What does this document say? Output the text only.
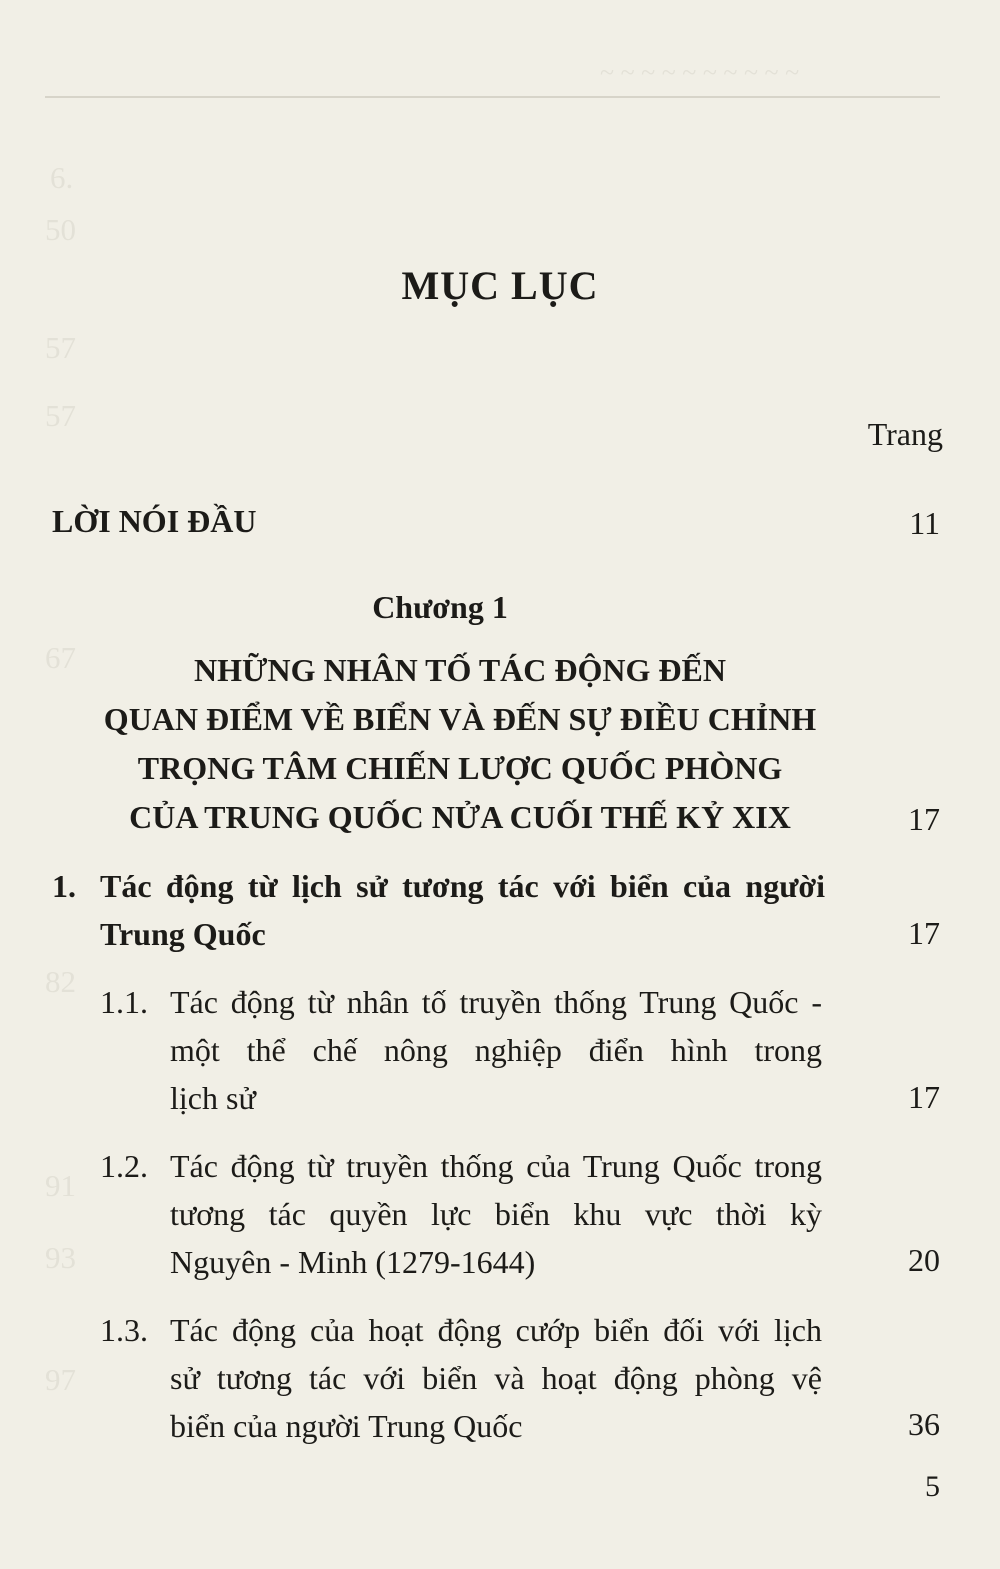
~ ~ ~ ~ ~ ~ ~ ~ ~ ~
6.
50
57
57
67
82
91
93
97
MỤC LỤC
Trang
LỜI NÓI ĐẦU	11
Chương 1
NHỮNG NHÂN TỐ TÁC ĐỘNG ĐẾN
QUAN ĐIỂM VỀ BIỂN VÀ ĐẾN SỰ ĐIỀU CHỈNH
TRỌNG TÂM CHIẾN LƯỢC QUỐC PHÒNG
CỦA TRUNG QUỐC NỬA CUỐI THẾ KỶ XIX	17
1. Tác động từ lịch sử tương tác với biển của người
Trung Quốc	17
1.1. Tác động từ nhân tố truyền thống Trung Quốc -
một thể chế nông nghiệp điển hình trong
lịch sử	17
1.2. Tác động từ truyền thống của Trung Quốc trong
tương tác quyền lực biển khu vực thời kỳ
Nguyên - Minh (1279-1644)	20
1.3. Tác động của hoạt động cướp biển đối với lịch
sử tương tác với biển và hoạt động phòng vệ
biển của người Trung Quốc	36
5
